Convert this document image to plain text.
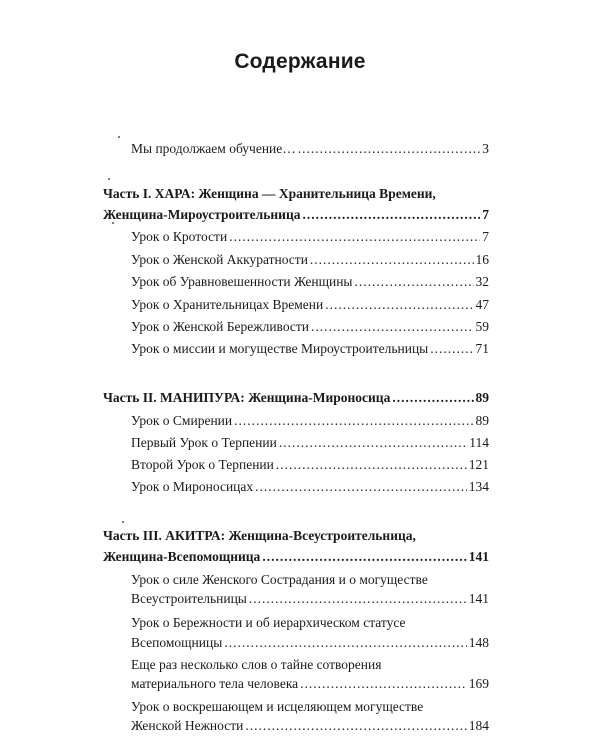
Содержание
Мы продолжаем обучение… .....	3
Часть I. ХАРА: Женщина — Хранительница Времени,
Женщина-Мироустроительница .....	7
Урок о Кротости .....	7
Урок о Женской Аккуратности .....	16
Урок об Уравновешенности Женщины .....	32
Урок о Хранительницах Времени .....	47
Урок о Женской Бережливости .....	59
Урок о миссии и могуществе Мироустроительницы .....	71
Часть II. МАНИПУРА: Женщина-Мироносица .....	89
Урок о Смирении .....	89
Первый Урок о Терпении .....	114
Второй Урок о Терпении .....	121
Урок о Мироносицах .....	134
Часть III. АКИТРА: Женщина-Всеустроительница,
Женщина-Всепомощница .....	141
Урок о силе Женского Сострадания и о могуществе
Всеустроительницы .....	141
Урок о Бережности и об иерархическом статусе
Всепомощницы .....	148
Еще раз несколько слов о тайне сотворения
материального тела человека .....	169
Урок о воскрешающем и исцеляющем могуществе
Женской Нежности .....	184
